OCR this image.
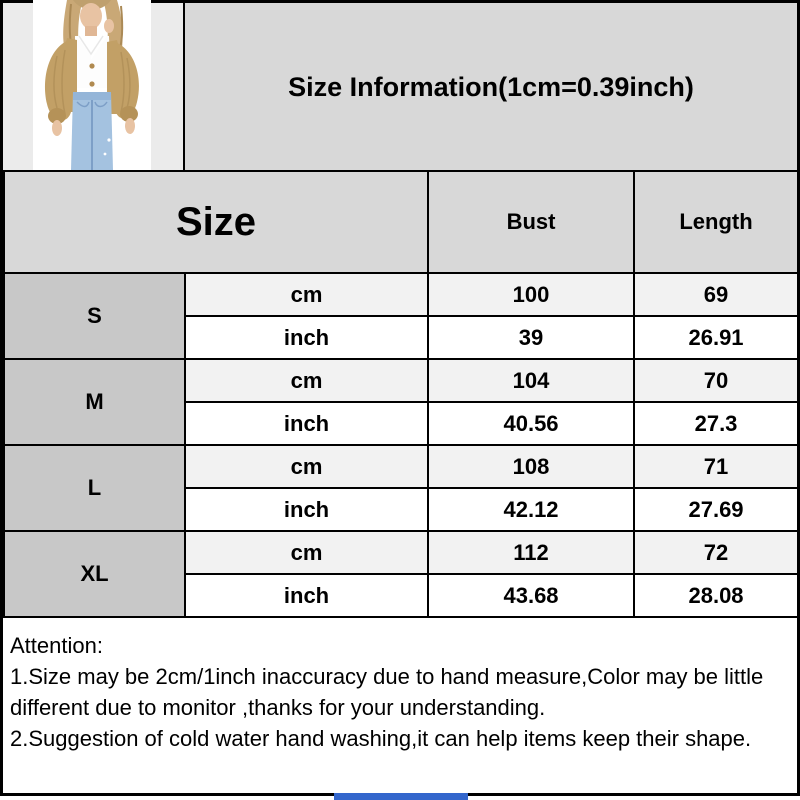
Size Information(1cm=0.39inch)
Size		Bust	Length
S	cm	100	69
	inch	39	26.91
M	cm	104	70
	inch	40.56	27.3
L	cm	108	71
	inch	42.12	27.69
XL	cm	112	72
	inch	43.68	28.08
Attention:
1.Size may be 2cm/1inch inaccuracy due to hand measure,Color may be little
different due to monitor ,thanks for your understanding.
2.Suggestion of cold water hand washing,it can help items keep their shape.
